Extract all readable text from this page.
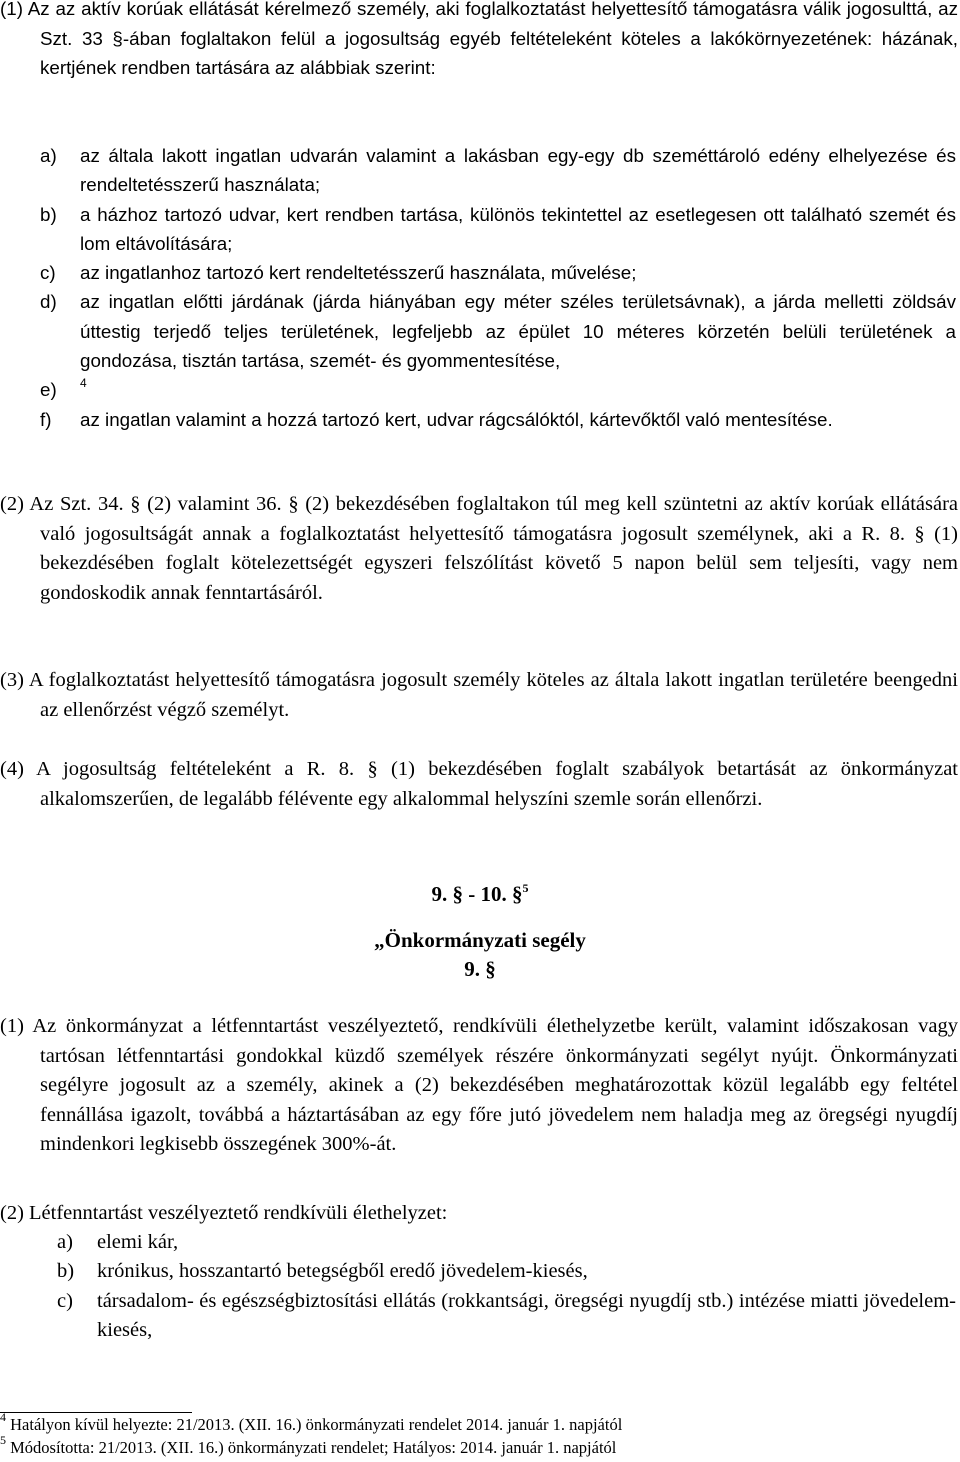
(1) Az az aktív korúak ellátását kérelmező személy, aki foglalkoztatást helyettesítő támogatásra válik jogosulttá, az Szt. 33 §-ában foglaltakon felül a jogosultság egyéb feltételeként köteles a lakókörnyezetének: házának, kertjének rendben tartására az alábbiak szerint:
a) az általa lakott ingatlan udvarán valamint a lakásban egy-egy db szeméttároló edény elhelyezése és rendeltetésszerű használata;
b) a házhoz tartozó udvar, kert rendben tartása, különös tekintettel az esetlegesen ott található szemét és lom eltávolítására;
c) az ingatlanhoz tartozó kert rendeltetésszerű használata, művelése;
d) az ingatlan előtti járdának (járda hiányában egy méter széles területsávnak), a járda melletti zöldsáv úttestig terjedő teljes területének, legfeljebb az épület 10 méteres körzetén belüli területének a gondozása, tisztán tartása, szemét- és gyommentesítése,
e) $^4$
f) az ingatlan valamint a hozzá tartozó kert, udvar rágcsálóktól, kártevőktől való mentesítése.
(2) Az Szt. 34. § (2) valamint 36. § (2) bekezdésében foglaltakon túl meg kell szüntetni az aktív korúak ellátására való jogosultságát annak a foglalkoztatást helyettesítő támogatásra jogosult személynek, aki a R. 8. § (1) bekezdésében foglalt kötelezettségét egyszeri felszólítást követő 5 napon belül sem teljesíti, vagy nem gondoskodik annak fenntartásáról.
(3) A foglalkoztatást helyettesítő támogatásra jogosult személy köteles az általa lakott ingatlan területére beengedni az ellenőrzést végző személyt.
(4) A jogosultság feltételeként a R. 8. § (1) bekezdésében foglalt szabályok betartását az önkormányzat alkalomszerűen, de legalább félévente egy alkalommal helyszíni szemle során ellenőrzi.
9. § - 10. §$^5$
„Önkormányzati segély
9. §
(1) Az önkormányzat a létfenntartást veszélyeztető, rendkívüli élethelyzetbe került, valamint időszakosan vagy tartósan létfenntartási gondokkal küzdő személyek részére önkormányzati segélyt nyújt. Önkormányzati segélyre jogosult az a személy, akinek a (2) bekezdésében meghatározottak közül legalább egy feltétel fennállása igazolt, továbbá a háztartásában az egy főre jutó jövedelem nem haladja meg az öregségi nyugdíj mindenkori legkisebb összegének 300%-át.
(2) Létfenntartást veszélyeztető rendkívüli élethelyzet:
a) elemi kár,
b) krónikus, hosszantartó betegségből eredő jövedelem-kiesés,
c) társadalom- és egészségbiztosítási ellátás (rokkantsági, öregségi nyugdíj stb.) intézése miatti jövedelem-kiesés,
$^4$ Hatályon kívül helyezte: 21/2013. (XII. 16.) önkormányzati rendelet 2014. január 1. napjától
$^5$ Módosította: 21/2013. (XII. 16.) önkormányzati rendelet; Hatályos: 2014. január 1. napjától
